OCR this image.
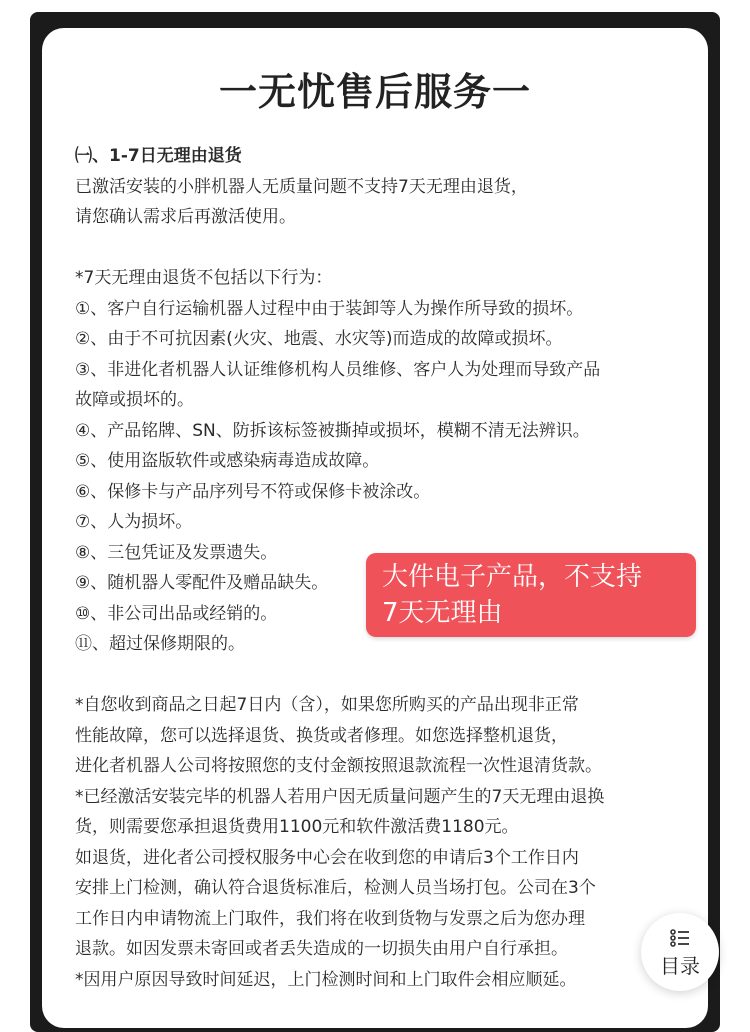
一无忧售后服务一
㈠、1-7日无理由退货
已激活安装的小胖机器人无质量问题不支持7天无理由退货，
请您确认需求后再激活使用。
*7天无理由退货不包括以下行为：
①、客户自行运输机器人过程中由于装卸等人为操作所导致的损坏。
②、由于不可抗因素(火灾、地震、水灾等)而造成的故障或损坏。
③、非进化者机器人认证维修机构人员维修、客户人为处理而导致产品
故障或损坏的。
④、产品铭牌、SN、防拆该标签被撕掉或损坏，模糊不清无法辨识。
⑤、使用盗版软件或感染病毒造成故障。
⑥、保修卡与产品序列号不符或保修卡被涂改。
⑦、人为损坏。
⑧、三包凭证及发票遗失。
⑨、随机器人零配件及赠品缺失。
⑩、非公司出品或经销的。
⑪、超过保修期限的。
*自您收到商品之日起7日内（含），如果您所购买的产品出现非正常
性能故障，您可以选择退货、换货或者修理。如您选择整机退货，
进化者机器人公司将按照您的支付金额按照退款流程一次性退清货款。
*已经激活安装完毕的机器人若用户因无质量问题产生的7天无理由退换
货，则需要您承担退货费用1100元和软件激活费1180元。
如退货，进化者公司授权服务中心会在收到您的申请后3个工作日内
安排上门检测，确认符合退货标准后，检测人员当场打包。公司在3个
工作日内申请物流上门取件，我们将在收到货物与发票之后为您办理
退款。如因发票未寄回或者丢失造成的一切损失由用户自行承担。
*因用户原因导致时间延迟，上门检测时间和上门取件会相应顺延。
大件电子产品，不支持
7天无理由
目录
